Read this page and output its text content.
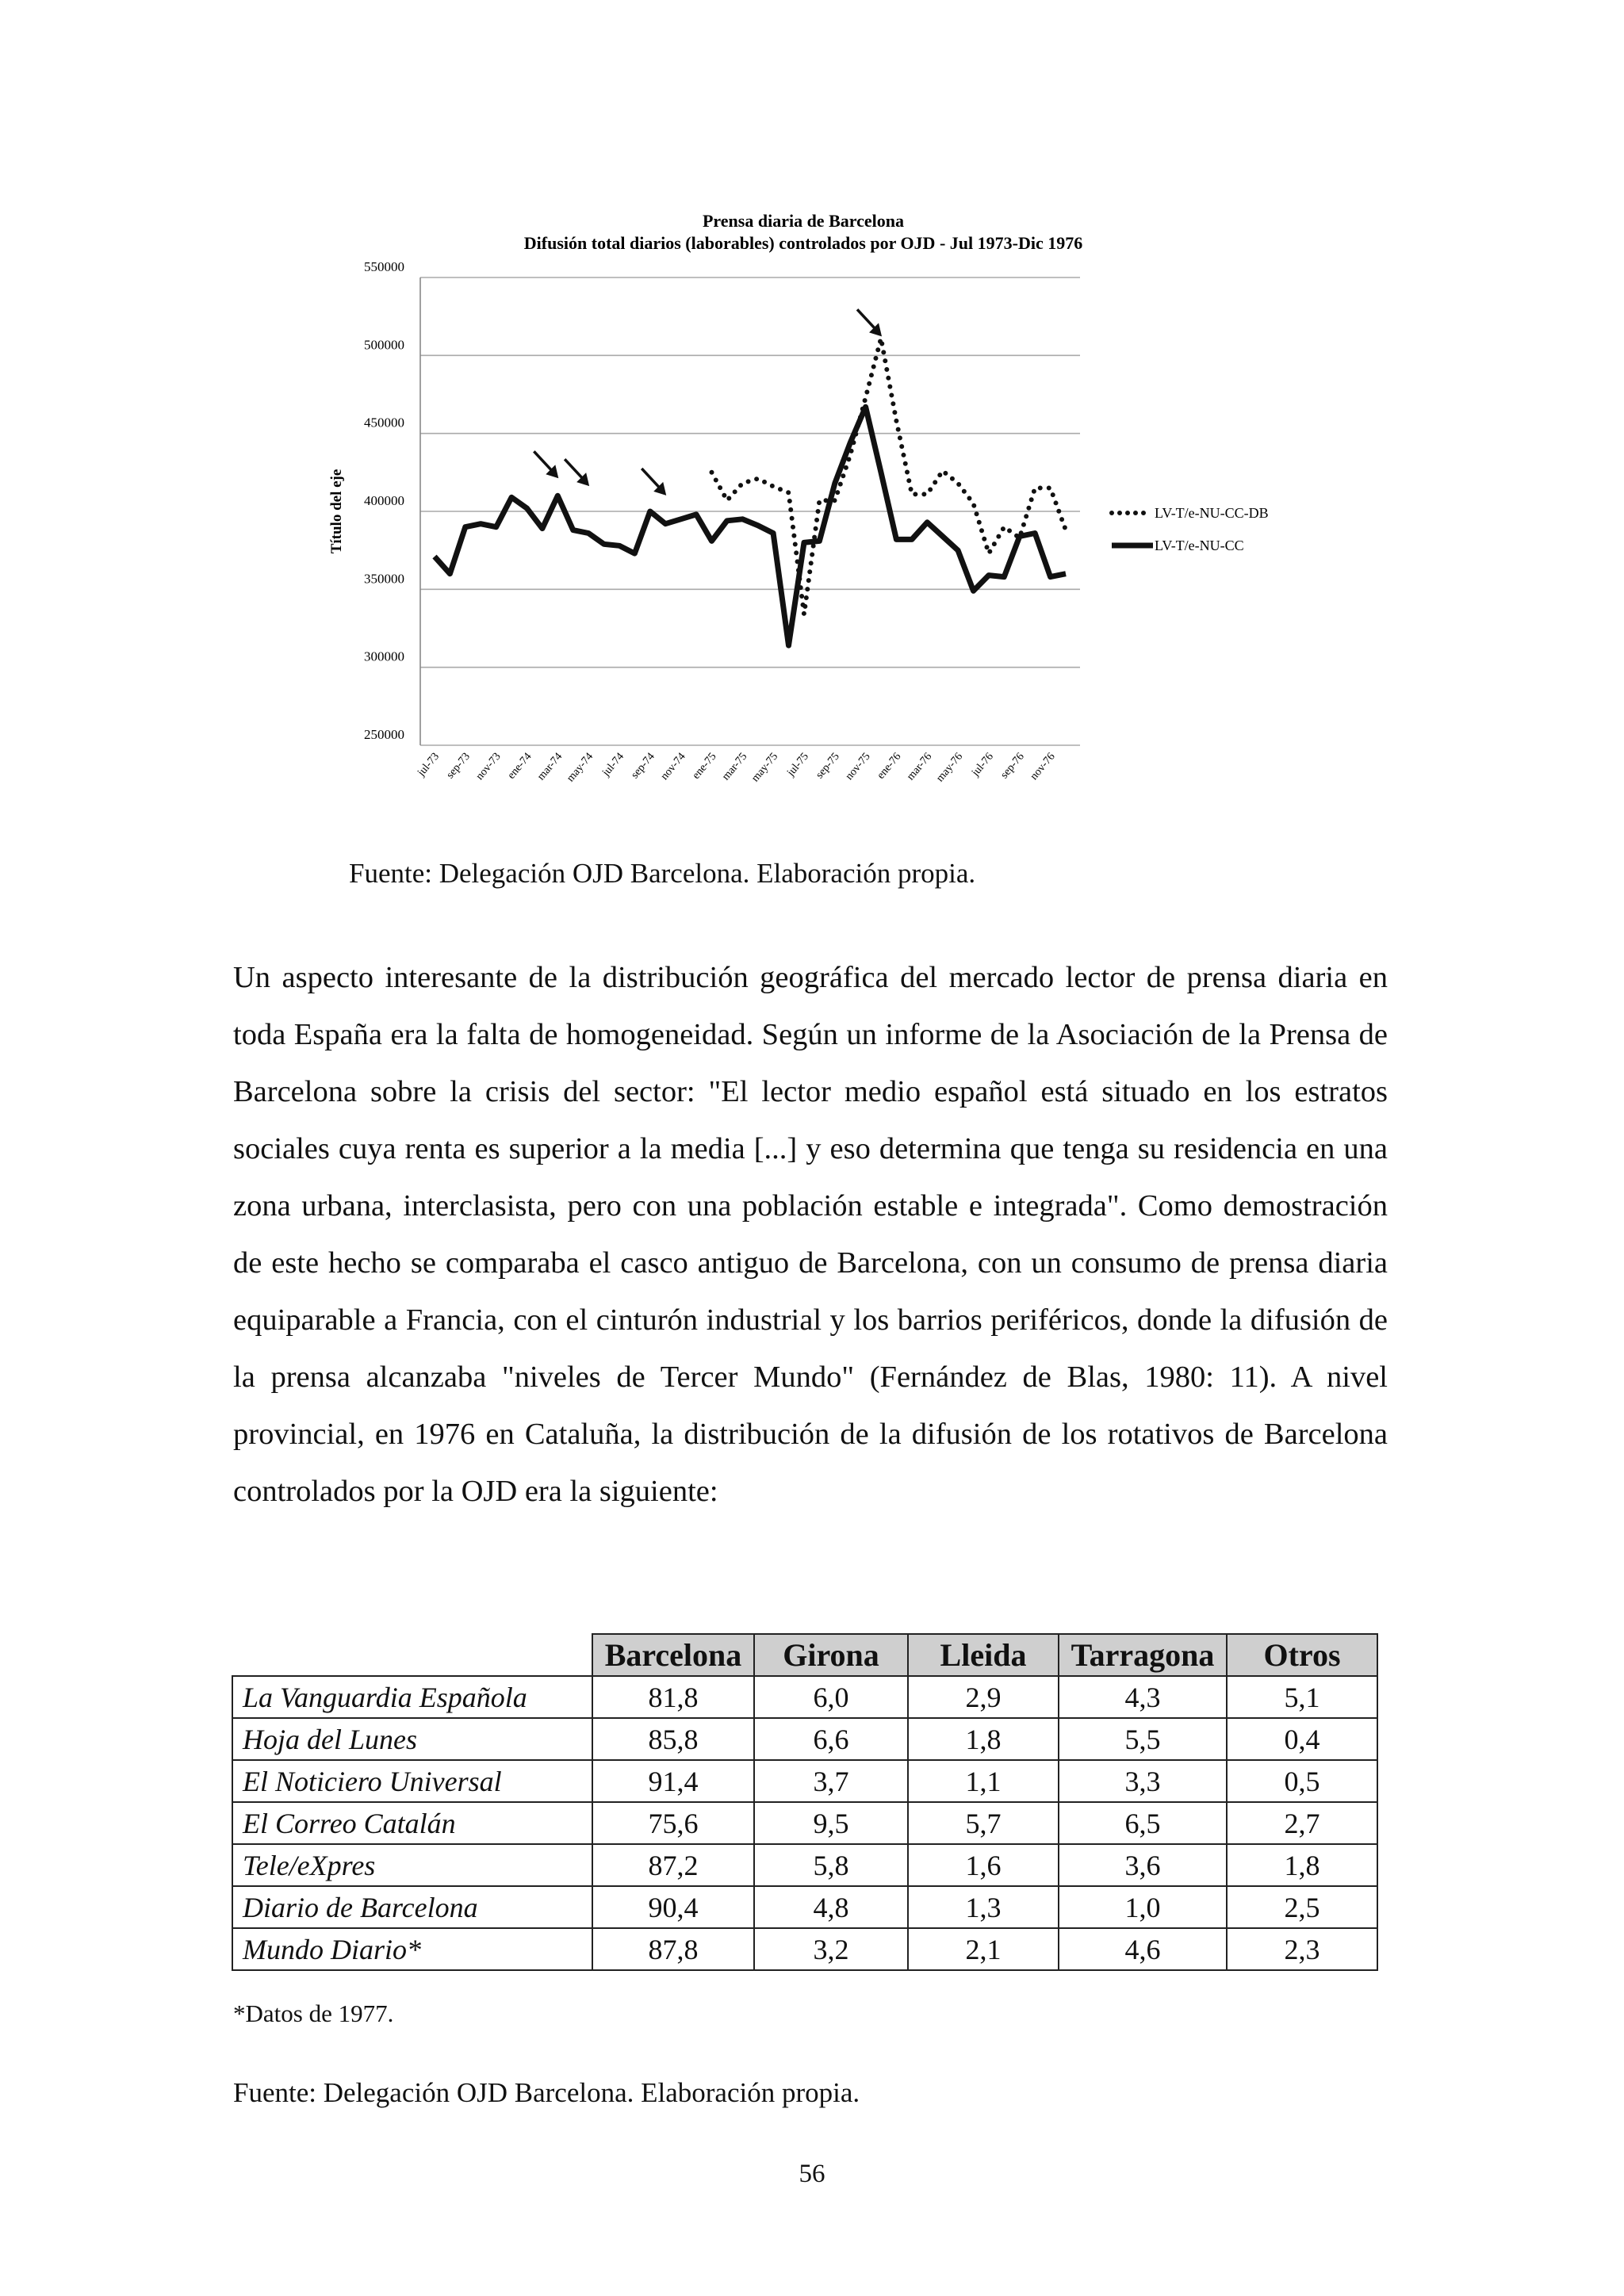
Prensa diaria de Barcelona
Difusión total diarios (laborables) controlados por OJD - Jul 1973-Dic 1976
550000
500000
450000
400000
350000
300000
250000
Título del eje
jul-73 sep-73 nov-73 ene-74 mar-74 may-74 jul-74 sep-74 nov-74 ene-75 mar-75 may-75 jul-75 sep-75 nov-75 ene-76 mar-76 may-76 jul-76 sep-76 nov-76
LV-T/e-NU-CC-DB
LV-T/e-NU-CC

Fuente: Delegación OJD Barcelona. Elaboración propia.

Un aspecto interesante de la distribución geográfica del mercado lector de prensa diaria en toda España era la falta de homogeneidad. Según un informe de la Asociación de la Prensa de Barcelona sobre la crisis del sector: "El lector medio español está situado en los estratos sociales cuya renta es superior a la media [...] y eso determina que tenga su residencia en una zona urbana, interclasista, pero con una población estable e integrada". Como demostración de este hecho se comparaba el casco antiguo de Barcelona, con un consumo de prensa diaria equiparable a Francia, con el cinturón industrial y los barrios periféricos, donde la difusión de la prensa alcanzaba "niveles de Tercer Mundo" (Fernández de Blas, 1980: 11). A nivel provincial, en 1976 en Cataluña, la distribución de la difusión de los rotativos de Barcelona controlados por la OJD era la siguiente:

	Barcelona	Girona	Lleida	Tarragona	Otros
La Vanguardia Española	81,8	6,0	2,9	4,3	5,1
Hoja del Lunes	85,8	6,6	1,8	5,5	0,4
El Noticiero Universal	91,4	3,7	1,1	3,3	0,5
El Correo Catalán	75,6	9,5	5,7	6,5	2,7
Tele/eXpres	87,2	5,8	1,6	3,6	1,8
Diario de Barcelona	90,4	4,8	1,3	1,0	2,5
Mundo Diario*	87,8	3,2	2,1	4,6	2,3

*Datos de 1977.

Fuente: Delegación OJD Barcelona. Elaboración propia.

56
